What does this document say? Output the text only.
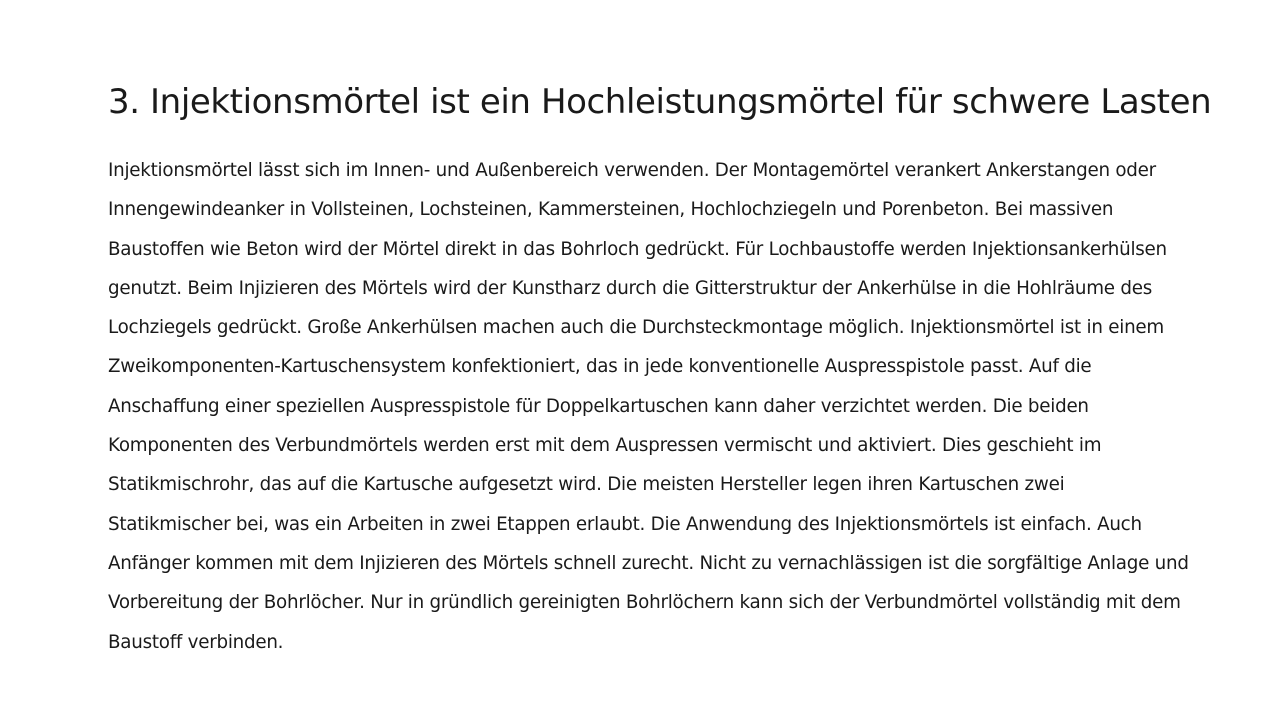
3. Injektionsmörtel ist ein Hochleistungsmörtel für schwere Lasten

Injektionsmörtel lässt sich im Innen- und Außenbereich verwenden. Der Montagemörtel verankert Ankerstangen oder
Innengewindeanker in Vollsteinen, Lochsteinen, Kammersteinen, Hochlochziegeln und Porenbeton. Bei massiven
Baustoffen wie Beton wird der Mörtel direkt in das Bohrloch gedrückt. Für Lochbaustoffe werden Injektionsankerhülsen
genutzt. Beim Injizieren des Mörtels wird der Kunstharz durch die Gitterstruktur der Ankerhülse in die Hohlräume des
Lochziegels gedrückt. Große Ankerhülsen machen auch die Durchsteckmontage möglich. Injektionsmörtel ist in einem
Zweikomponenten-Kartuschensystem konfektioniert, das in jede konventionelle Auspresspistole passt. Auf die
Anschaffung einer speziellen Auspresspistole für Doppelkartuschen kann daher verzichtet werden. Die beiden
Komponenten des Verbundmörtels werden erst mit dem Auspressen vermischt und aktiviert. Dies geschieht im
Statikmischrohr, das auf die Kartusche aufgesetzt wird. Die meisten Hersteller legen ihren Kartuschen zwei
Statikmischer bei, was ein Arbeiten in zwei Etappen erlaubt. Die Anwendung des Injektionsmörtels ist einfach. Auch
Anfänger kommen mit dem Injizieren des Mörtels schnell zurecht. Nicht zu vernachlässigen ist die sorgfältige Anlage und
Vorbereitung der Bohrlöcher. Nur in gründlich gereinigten Bohrlöchern kann sich der Verbundmörtel vollständig mit dem
Baustoff verbinden.
